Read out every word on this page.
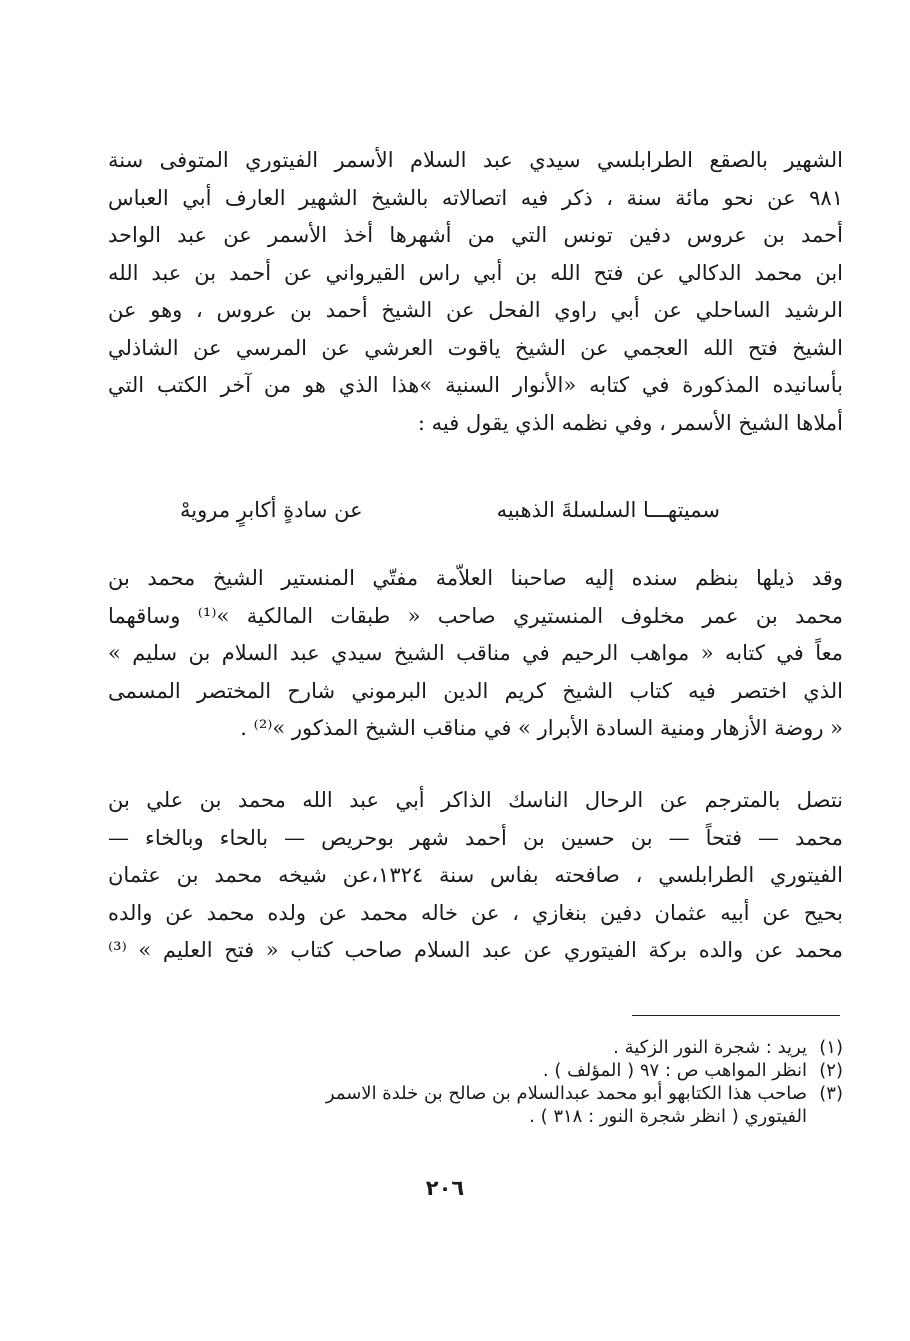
الشهير بالصقع الطرابلسي سيدي عبد السلام الأسمر الفيتوري المتوفى سنة
٩٨١ عن نحو مائة سنة ، ذكر فيه اتصالاته بالشيخ الشهير العارف أبي العباس
أحمد بن عروس دفين تونس التي من أشهرها أخذ الأسمر عن عبد الواحد
ابن محمد الدكالي عن فتح الله بن أبي راس القيرواني عن أحمد بن عبد الله
الرشيد الساحلي عن أبي راوي الفحل عن الشيخ أحمد بن عروس ، وهو عن
الشيخ فتح الله العجمي عن الشيخ ياقوت العرشي عن المرسي عن الشاذلي
بأسانيده المذكورة في كتابه «الأنوار السنية »هذا الذي هو من آخر الكتب التي
أملاها الشيخ الأسمر ، وفي نظمه الذي يقول فيه :
سميتهـــا السلسلةَ الذهبيه
عن سادةٍ أكابرٍ مرويهْ
وقد ذيلها بنظم سنده إليه صاحبنا العلاّمة مفتّي المنستير الشيخ محمد بن
محمد بن عمر مخلوف المنستيري صاحب « طبقات المالكية »⁽¹⁾ وساقهما
معاً في كتابه « مواهب الرحيم في مناقب الشيخ سيدي عبد السلام بن سليم »
الذي اختصر فيه كتاب الشيخ كريم الدين البرموني شارح المختصر المسمى
« روضة الأزهار ومنية السادة الأبرار » في مناقب الشيخ المذكور »⁽²⁾ .
نتصل بالمترجم عن الرحال الناسك الذاكر أبي عبد الله محمد بن علي بن
محمد — فتحاً — بن حسين بن أحمد شهر بوحريص — بالحاء وبالخاء —
الفيتوري الطرابلسي ، صافحته بفاس سنة ١٣٢٤،عن شيخه محمد بن عثمان
بحيح عن أبيه عثمان دفين بنغازي ، عن خاله محمد عن ولده محمد عن والده
محمد عن والده بركة الفيتوري عن عبد السلام صاحب كتاب « فتح العليم » ⁽³⁾
(١)
يريد : شجرة النور الزكية .
(٢)
انظر المواهب ص : ٩٧ ( المؤلف ) .
(٣)
صاحب هذا الكتابهو أبو محمد عبدالسلام بن صالح بن خلدة الاسمر
الفيتوري ( انظر شجرة النور : ٣١٨ ) .
٢٠٦
